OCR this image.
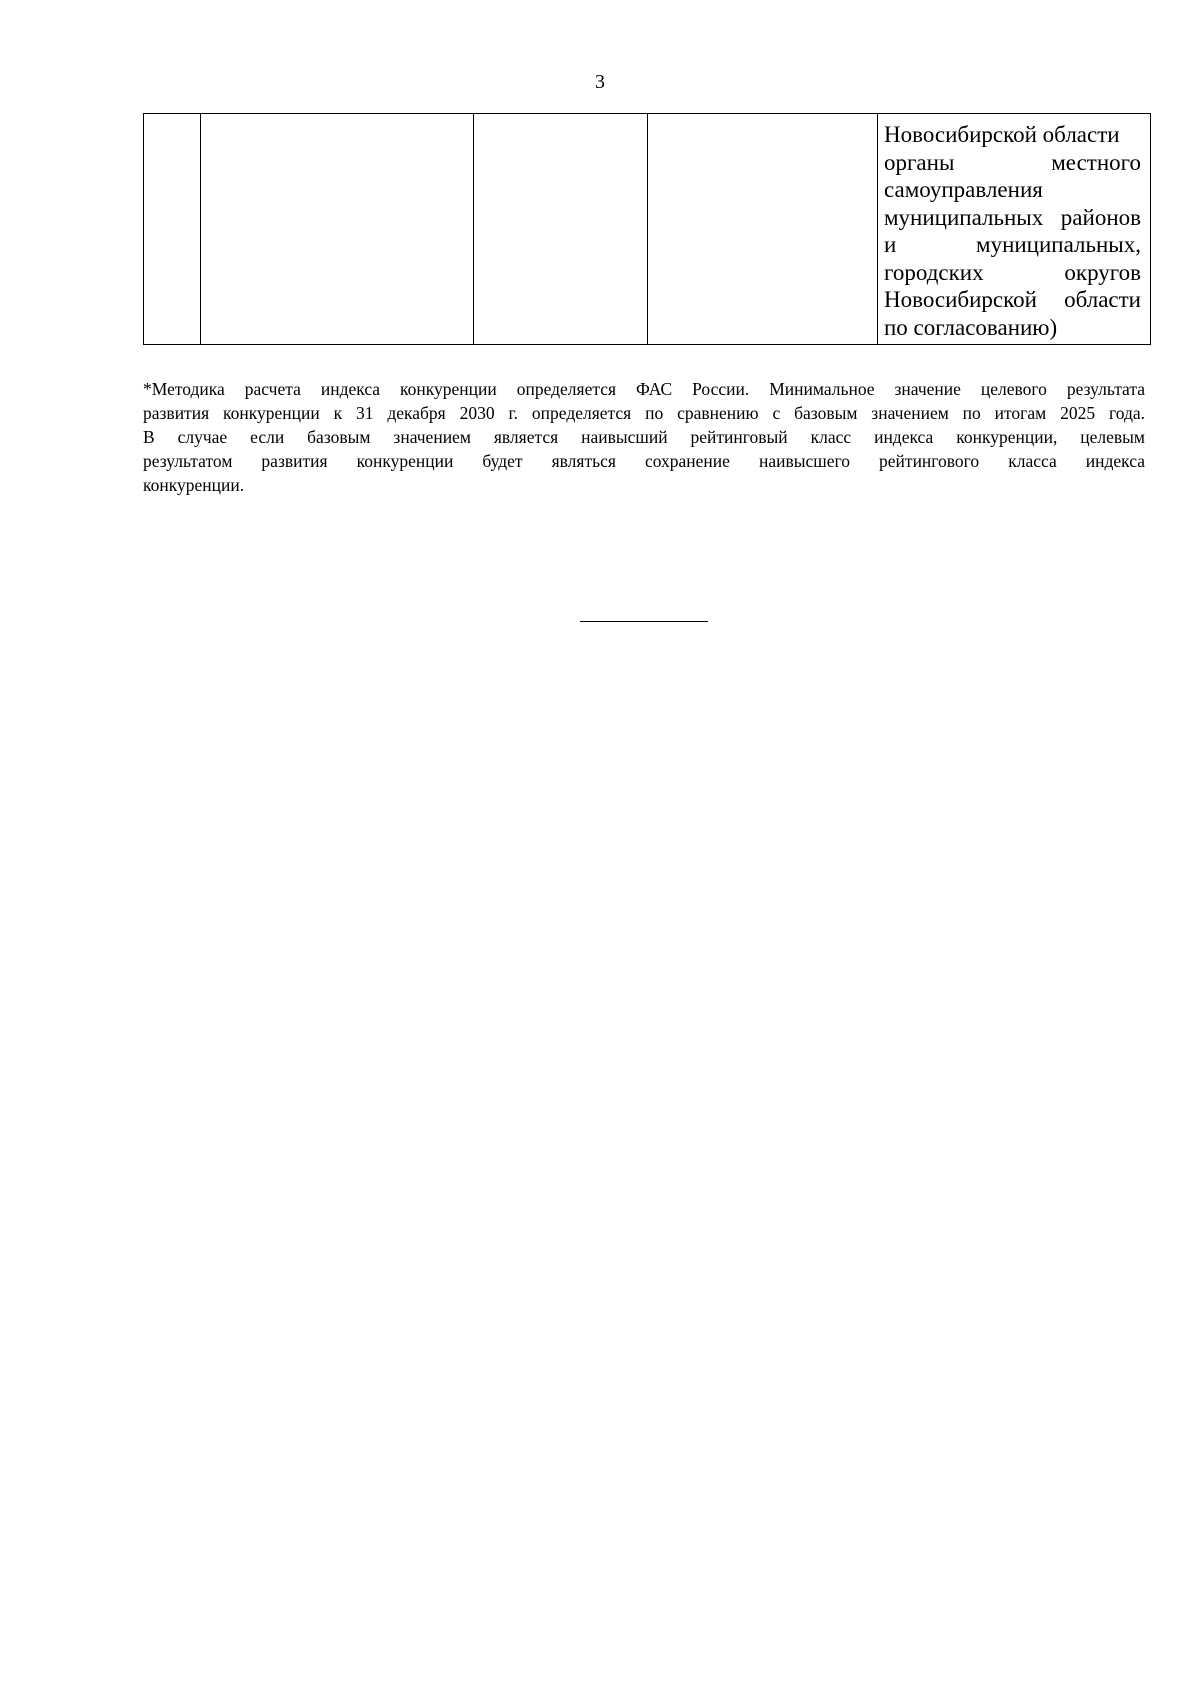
3

Новосибирской области
органы местного
самоуправления
муниципальных районов
и муниципальных,
городских округов
Новосибирской области
по согласованию)
*Методика расчета индекса конкуренции определяется ФАС России. Минимальное значение целевого результата
развития конкуренции к 31 декабря 2030 г. определяется по сравнению с базовым значением по итогам 2025 года.
В случае если базовым значением является наивысший рейтинговый класс индекса конкуренции, целевым
результатом развития конкуренции будет являться сохранение наивысшего рейтингового класса индекса
конкуренции.
